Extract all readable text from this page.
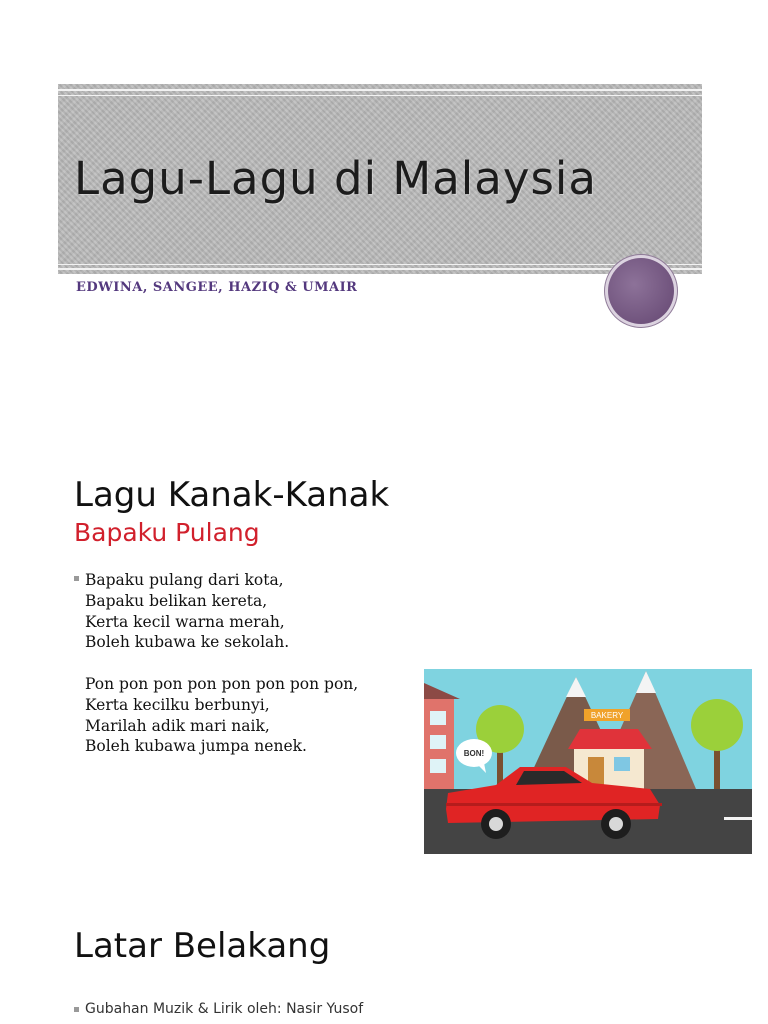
Lagu-Lagu di Malaysia
EDWINA, SANGEE, HAZIQ & UMAIR
Lagu Kanak-Kanak
Bapaku Pulang
Bapaku pulang dari kota,
Bapaku belikan kereta,
Kerta kecil warna merah,
Boleh kubawa ke sekolah.
Pon pon pon pon pon pon pon pon,
Kerta kecilku berbunyi,
Marilah adik mari naik,
Boleh kubawa jumpa nenek.
BAKERY
BON!
Latar Belakang
Gubahan Muzik & Lirik oleh: Nasir Yusof
